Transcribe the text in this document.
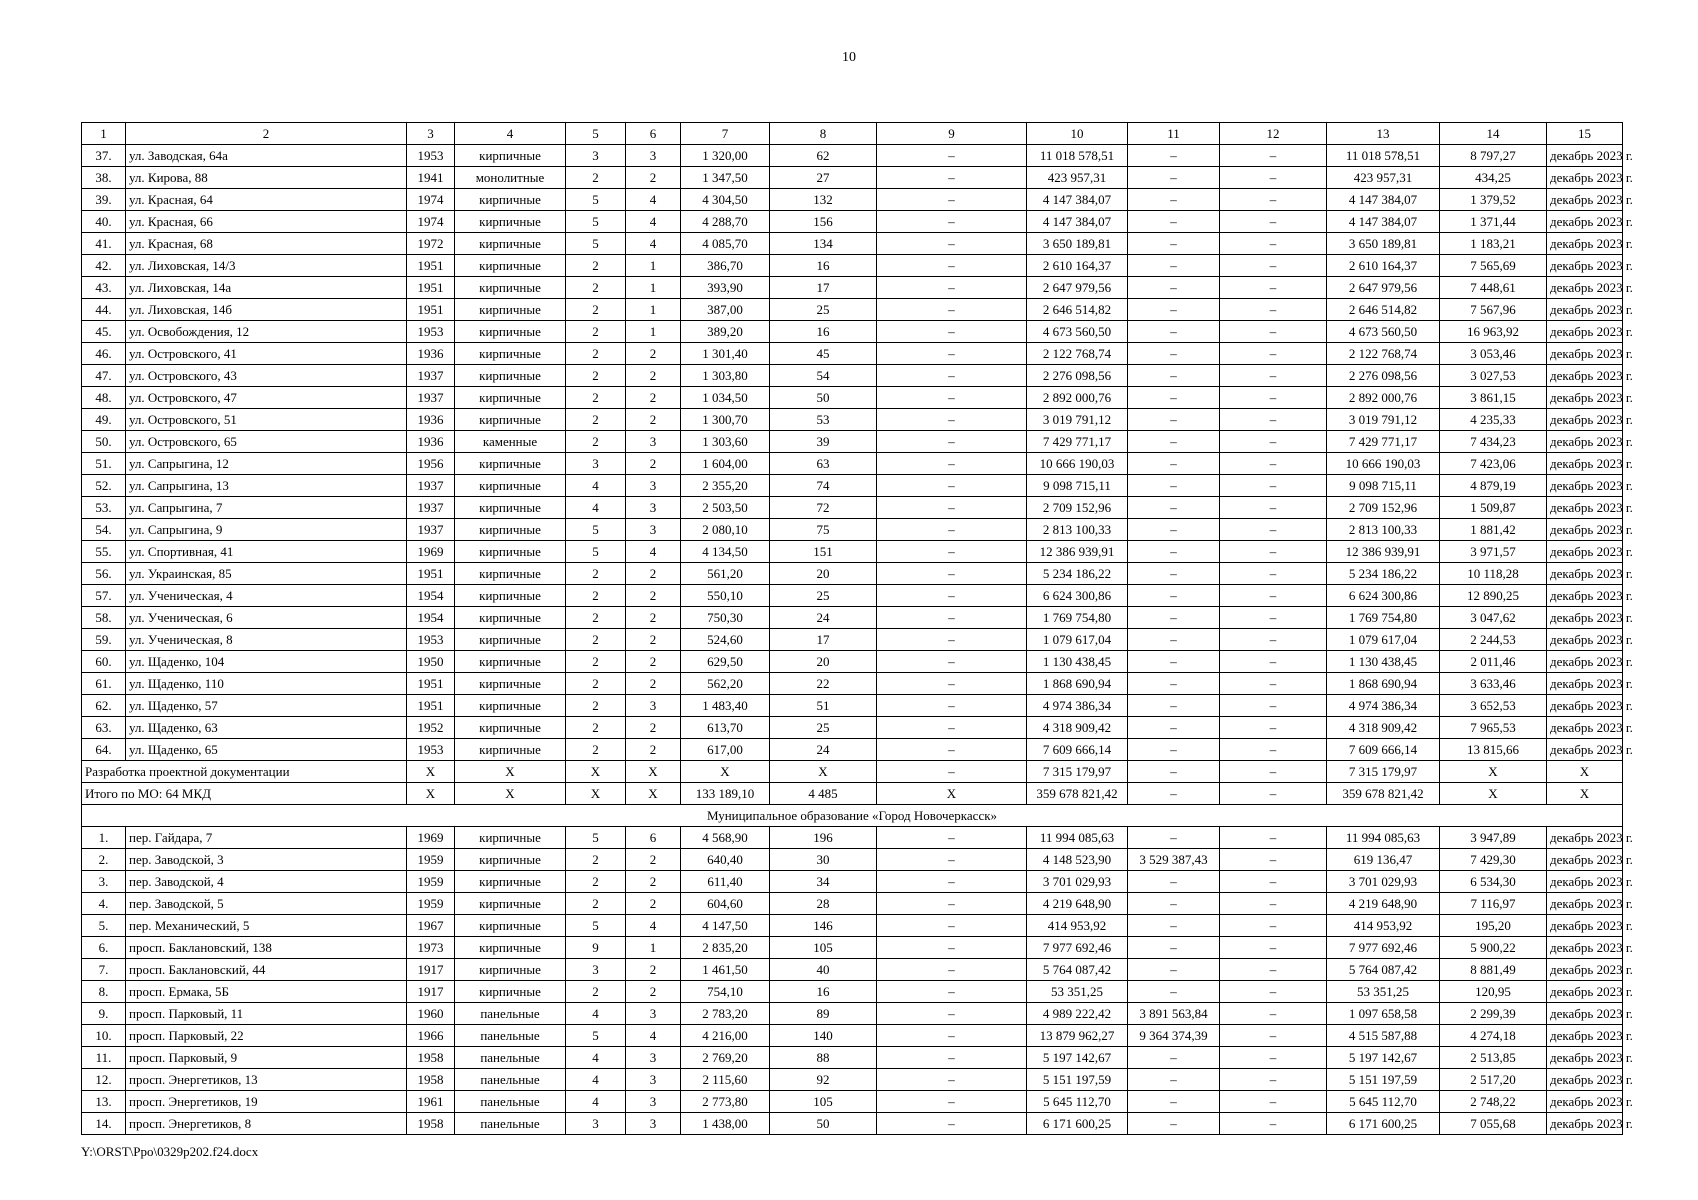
10
1	2	3	4	5	6	7	8	9	10	11	12	13	14	15
37.	ул. Заводская, 64а	1953	кирпичные	3	3	1 320,00	62	–	11 018 578,51	–	–	11 018 578,51	8 797,27	декабрь 2023 г.
38.	ул. Кирова, 88	1941	монолитные	2	2	1 347,50	27	–	423 957,31	–	–	423 957,31	434,25	декабрь 2023 г.
39.	ул. Красная, 64	1974	кирпичные	5	4	4 304,50	132	–	4 147 384,07	–	–	4 147 384,07	1 379,52	декабрь 2023 г.
40.	ул. Красная, 66	1974	кирпичные	5	4	4 288,70	156	–	4 147 384,07	–	–	4 147 384,07	1 371,44	декабрь 2023 г.
41.	ул. Красная, 68	1972	кирпичные	5	4	4 085,70	134	–	3 650 189,81	–	–	3 650 189,81	1 183,21	декабрь 2023 г.
42.	ул. Лиховская, 14/3	1951	кирпичные	2	1	386,70	16	–	2 610 164,37	–	–	2 610 164,37	7 565,69	декабрь 2023 г.
43.	ул. Лиховская, 14а	1951	кирпичные	2	1	393,90	17	–	2 647 979,56	–	–	2 647 979,56	7 448,61	декабрь 2023 г.
44.	ул. Лиховская, 14б	1951	кирпичные	2	1	387,00	25	–	2 646 514,82	–	–	2 646 514,82	7 567,96	декабрь 2023 г.
45.	ул. Освобождения, 12	1953	кирпичные	2	1	389,20	16	–	4 673 560,50	–	–	4 673 560,50	16 963,92	декабрь 2023 г.
46.	ул. Островского, 41	1936	кирпичные	2	2	1 301,40	45	–	2 122 768,74	–	–	2 122 768,74	3 053,46	декабрь 2023 г.
47.	ул. Островского, 43	1937	кирпичные	2	2	1 303,80	54	–	2 276 098,56	–	–	2 276 098,56	3 027,53	декабрь 2023 г.
48.	ул. Островского, 47	1937	кирпичные	2	2	1 034,50	50	–	2 892 000,76	–	–	2 892 000,76	3 861,15	декабрь 2023 г.
49.	ул. Островского, 51	1936	кирпичные	2	2	1 300,70	53	–	3 019 791,12	–	–	3 019 791,12	4 235,33	декабрь 2023 г.
50.	ул. Островского, 65	1936	каменные	2	3	1 303,60	39	–	7 429 771,17	–	–	7 429 771,17	7 434,23	декабрь 2023 г.
51.	ул. Сапрыгина, 12	1956	кирпичные	3	2	1 604,00	63	–	10 666 190,03	–	–	10 666 190,03	7 423,06	декабрь 2023 г.
52.	ул. Сапрыгина, 13	1937	кирпичные	4	3	2 355,20	74	–	9 098 715,11	–	–	9 098 715,11	4 879,19	декабрь 2023 г.
53.	ул. Сапрыгина, 7	1937	кирпичные	4	3	2 503,50	72	–	2 709 152,96	–	–	2 709 152,96	1 509,87	декабрь 2023 г.
54.	ул. Сапрыгина, 9	1937	кирпичные	5	3	2 080,10	75	–	2 813 100,33	–	–	2 813 100,33	1 881,42	декабрь 2023 г.
55.	ул. Спортивная, 41	1969	кирпичные	5	4	4 134,50	151	–	12 386 939,91	–	–	12 386 939,91	3 971,57	декабрь 2023 г.
56.	ул. Украинская, 85	1951	кирпичные	2	2	561,20	20	–	5 234 186,22	–	–	5 234 186,22	10 118,28	декабрь 2023 г.
57.	ул. Ученическая, 4	1954	кирпичные	2	2	550,10	25	–	6 624 300,86	–	–	6 624 300,86	12 890,25	декабрь 2023 г.
58.	ул. Ученическая, 6	1954	кирпичные	2	2	750,30	24	–	1 769 754,80	–	–	1 769 754,80	3 047,62	декабрь 2023 г.
59.	ул. Ученическая, 8	1953	кирпичные	2	2	524,60	17	–	1 079 617,04	–	–	1 079 617,04	2 244,53	декабрь 2023 г.
60.	ул. Щаденко, 104	1950	кирпичные	2	2	629,50	20	–	1 130 438,45	–	–	1 130 438,45	2 011,46	декабрь 2023 г.
61.	ул. Щаденко, 110	1951	кирпичные	2	2	562,20	22	–	1 868 690,94	–	–	1 868 690,94	3 633,46	декабрь 2023 г.
62.	ул. Щаденко, 57	1951	кирпичные	2	3	1 483,40	51	–	4 974 386,34	–	–	4 974 386,34	3 652,53	декабрь 2023 г.
63.	ул. Щаденко, 63	1952	кирпичные	2	2	613,70	25	–	4 318 909,42	–	–	4 318 909,42	7 965,53	декабрь 2023 г.
64.	ул. Щаденко, 65	1953	кирпичные	2	2	617,00	24	–	7 609 666,14	–	–	7 609 666,14	13 815,66	декабрь 2023 г.
Разработка проектной документации		X	X	X	X	X	X	–	7 315 179,97	–	–	7 315 179,97	X	X
Итого по МО: 64 МКД		X	X	X	X	133 189,10	4 485	X	359 678 821,42	–	–	359 678 821,42	X	X
Муниципальное образование «Город Новочеркасск»														
1.	пер. Гайдара, 7	1969	кирпичные	5	6	4 568,90	196	–	11 994 085,63	–	–	11 994 085,63	3 947,89	декабрь 2023 г.
2.	пер. Заводской, 3	1959	кирпичные	2	2	640,40	30	–	4 148 523,90	3 529 387,43	–	619 136,47	7 429,30	декабрь 2023 г.
3.	пер. Заводской, 4	1959	кирпичные	2	2	611,40	34	–	3 701 029,93	–	–	3 701 029,93	6 534,30	декабрь 2023 г.
4.	пер. Заводской, 5	1959	кирпичные	2	2	604,60	28	–	4 219 648,90	–	–	4 219 648,90	7 116,97	декабрь 2023 г.
5.	пер. Механический, 5	1967	кирпичные	5	4	4 147,50	146	–	414 953,92	–	–	414 953,92	195,20	декабрь 2023 г.
6.	просп. Баклановский, 138	1973	кирпичные	9	1	2 835,20	105	–	7 977 692,46	–	–	7 977 692,46	5 900,22	декабрь 2023 г.
7.	просп. Баклановский, 44	1917	кирпичные	3	2	1 461,50	40	–	5 764 087,42	–	–	5 764 087,42	8 881,49	декабрь 2023 г.
8.	просп. Ермака, 5Б	1917	кирпичные	2	2	754,10	16	–	53 351,25	–	–	53 351,25	120,95	декабрь 2023 г.
9.	просп. Парковый, 11	1960	панельные	4	3	2 783,20	89	–	4 989 222,42	3 891 563,84	–	1 097 658,58	2 299,39	декабрь 2023 г.
10.	просп. Парковый, 22	1966	панельные	5	4	4 216,00	140	–	13 879 962,27	9 364 374,39	–	4 515 587,88	4 274,18	декабрь 2023 г.
11.	просп. Парковый, 9	1958	панельные	4	3	2 769,20	88	–	5 197 142,67	–	–	5 197 142,67	2 513,85	декабрь 2023 г.
12.	просп. Энергетиков, 13	1958	панельные	4	3	2 115,60	92	–	5 151 197,59	–	–	5 151 197,59	2 517,20	декабрь 2023 г.
13.	просп. Энергетиков, 19	1961	панельные	4	3	2 773,80	105	–	5 645 112,70	–	–	5 645 112,70	2 748,22	декабрь 2023 г.
14.	просп. Энергетиков, 8	1958	панельные	3	3	1 438,00	50	–	6 171 600,25	–	–	6 171 600,25	7 055,68	декабрь 2023 г.
Y:\ORST\Ppo\0329p202.f24.docx
